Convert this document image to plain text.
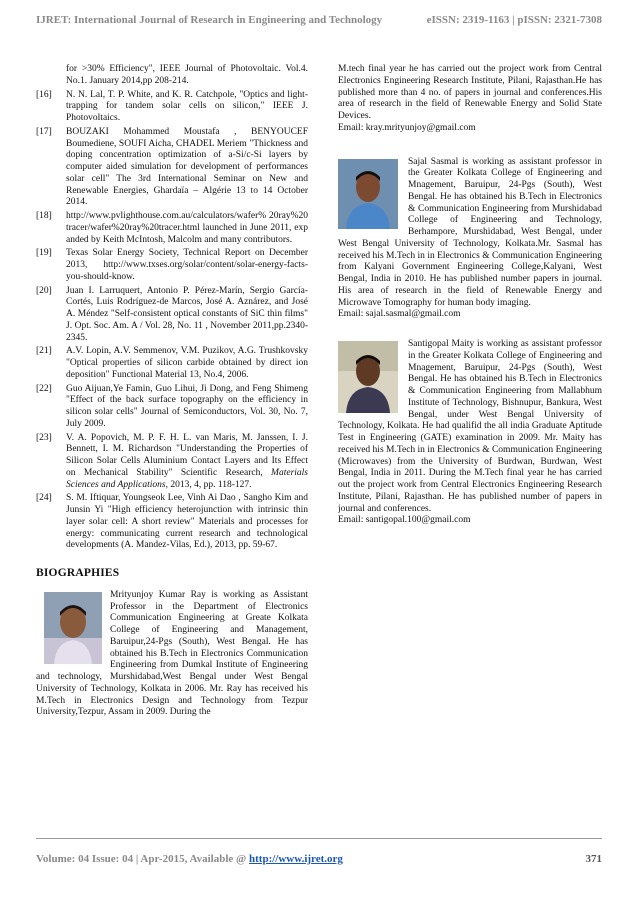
IJRET: International Journal of Research in Engineering and Technology	eISSN: 2319-1163 | pISSN: 2321-7308
for >30% Efficiency", IEEE Journal of Photovoltaic. Vol.4. No.1. January 2014,pp 208-214.
[16] N. N. Lal, T. P. White, and K. R. Catchpole, "Optics and light-trapping for tandem solar cells on silicon," IEEE J. Photovoltaics.
[17] BOUZAKI Mohammed Moustafa , BENYOUCEF Boumediene, SOUFI Aicha, CHADEL Meriem "Thickness and doping concentration optimization of a-Si/c-Si layers by computer aided simulation for development of performances solar cell" The 3rd International Seminar on New and Renewable Energies, Ghardaïa – Algérie 13 to 14 October 2014.
[18] http://www.pvlighthouse.com.au/calculators/wafer% 20ray%20tracer/wafer%20ray%20tracer.html launched in June 2011, expanded by Keith McIntosh, Malcolm and many contributors.
[19] Texas Solar Energy Society, Technical Report on December 2013, http://www.txses.org/solar/content/solar-energy-facts-you-should-know.
[20] Juan I. Larruquert, Antonio P. Pérez-Marín, Sergio García-Cortés, Luis Rodríguez-de Marcos, José A. Aznárez, and José A. Méndez "Self-consistent optical constants of SiC thin films" J. Opt. Soc. Am. A / Vol. 28, No. 11 , November 2011,pp.2340-2345.
[21] A.V. Lopin, A.V. Semmenov, V.M. Puzikov, A.G. Trushkovsky "Optical properties of silicon carbide obtained by direct ion deposition" Functional Material 13, No.4, 2006.
[22] Guo Aijuan,Ye Famin, Guo Lihui, Ji Dong, and Feng Shimeng "Effect of the back surface topography on the efficiency in silicon solar cells" Journal of Semiconductors, Vol. 30, No. 7, July 2009.
[23] V. A. Popovich, M. P. F. H. L. van Maris, M. Janssen, I. J. Bennett, I. M. Richardson "Understanding the Properties of Silicon Solar Cells Aluminium Contact Layers and Its Effect on Mechanical Stability" Scientific Research, Materials Sciences and Applications, 2013, 4, pp. 118-127.
[24] S. M. Iftiquar, Youngseok Lee, Vinh Ai Dao , Sangho Kim and Junsin Yi "High efficiency heterojunction with intrinsic thin layer solar cell: A short review" Materials and processes for energy: communicating current research and technological developments (A. Mandez-Vilas, Ed.), 2013, pp. 59-67.
BIOGRAPHIES
Mrityunjoy Kumar Ray is working as Assistant Professor in the Department of Electronics Communication Engineering at Greate Kolkata College of Engineering and Management, Baruipur,24-Pgs (South), West Bengal. He has obtained his B.Tech in Electronics Communication Engineering from Dumkal Institute of Engineering and technology, Murshidabad,West Bengal under West Bengal University of Technology, Kolkata in 2006. Mr. Ray has received his M.Tech in Electronics Design and Technology from Tezpur University,Tezpur, Assam in 2009. During the
M.tech final year he has carried out the project work from Central Electronics Engineering Research Institute, Pilani, Rajasthan.He has published more than 4 no. of papers in journal and conferences.His area of research in the field of Renewable Energy and Solid State Devices.
Email: kray.mrityunjoy@gmail.com
Sajal Sasmal is working as assistant professor in the Greater Kolkata College of Engineering and Mnagement, Baruipur, 24-Pgs (South), West Bengal. He has obtained his B.Tech in Electronics & Communication Engineering from Murshidabad College of Engineering and Technology, Berhampore, Murshidabad, West Bengal, under West Bengal University of Technology, Kolkata.Mr. Sasmal has received his M.Tech in in Electronics & Communication Engineering from Kalyani Government Engineering College,Kalyani, West Bengal, India in 2010. He has published number papers in journal. His area of research in the field of Renewable Energy and Microwave Tomography for human body imaging.
Email: sajal.sasmal@gmail.com
Santigopal Maity is working as assistant professor in the Greater Kolkata College of Engineering and Mnagement, Baruipur, 24-Pgs (South), West Bengal. He has obtained his B.Tech in Electronics & Communication Engineering from Mallabhum Institute of Technology, Bishnupur, Bankura, West Bengal, under West Bengal University of Technology, Kolkata. He had qualifid the all india Graduate Aptitude Test in Engineering (GATE) examination in 2009. Mr. Maity has received his M.Tech in in Electronics & Communication Engineering (Microwaves) from the University of Burdwan, Burdwan, West Bengal, India in 2011. During the M.Tech final year he has carried out the project work from Central Electronics Engineering Research Institute, Pilani, Rajasthan. He has published number of papers in journal and conferences.
Email: santigopal.100@gmail.com
Volume: 04 Issue: 04 | Apr-2015, Available @ http://www.ijret.org	371
